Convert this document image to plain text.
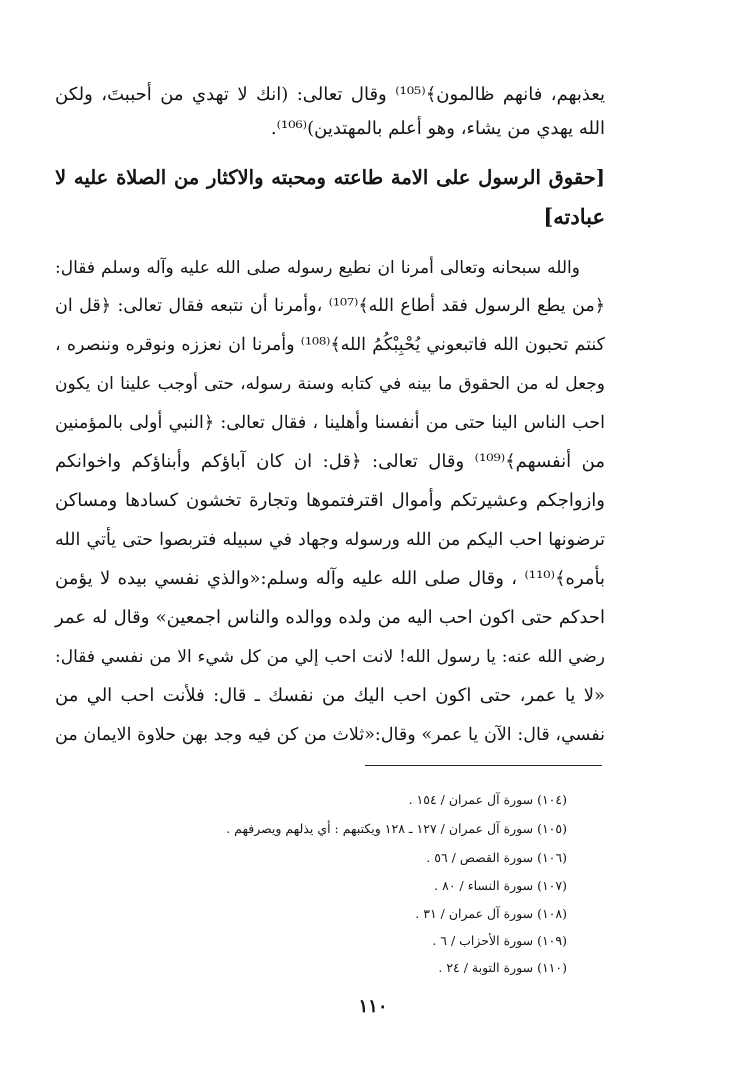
يعذبهم، فانهم ظالمون﴾⁽¹⁰⁵⁾ وقال تعالى: (انك لا تهدي من أحببتَ، ولكن

الله يهدي من يشاء، وهو أعلم بالمهتدين)⁽¹⁰⁶⁾.

[حقوق الرسول على الامة طاعته ومحبته والاكثار من الصلاة عليه لا
عبادته]

والله سبحانه وتعالى أمرنا ان نطيع رسوله صلى الله عليه وآله وسلم فقال:

﴿من يطع الرسول فقد أطاع الله﴾⁽¹⁰⁷⁾ ،وأمرنا أن نتبعه فقال تعالى: ﴿قل ان

كنتم تحبون الله فاتبعوني يُحْبِبْكُمُ الله﴾⁽¹⁰⁸⁾ وأمرنا ان نعززه ونوقره وننصره ،

وجعل له من الحقوق ما بينه في كتابه وسنة رسوله، حتى أوجب علينا ان يكون

احب الناس الينا حتى من أنفسنا وأهلينا ، فقال تعالى: ﴿النبي أولى بالمؤمنين

من أنفسهم﴾⁽¹⁰⁹⁾ وقال تعالى: ﴿قل: ان كان آباؤكم وأبناؤكم واخوانكم

وازواجكم وعشيرتكم وأموال اقترفتموها وتجارة تخشون كسادها ومساكن

ترضونها احب اليكم من الله ورسوله وجهاد في سبيله فتربصوا حتى يأتي الله

بأمره﴾⁽¹¹⁰⁾ ، وقال صلى الله عليه وآله وسلم:«والذي نفسي بيده لا يؤمن

احدكم حتى اكون احب اليه من ولده ووالده والناس اجمعين» وقال له عمر

رضي الله عنه: يا رسول الله! لانت احب إلي من كل شيء الا من نفسي فقال:

«لا يا عمر، حتى اكون احب اليك من نفسك ـ قال: فلأنت احب الي من

نفسي، قال: الآن يا عمر» وقال:«ثلاث من كن فيه وجد بهن حلاوة الايمان من

(١٠٤) سورة آل عمران / ١٥٤ .

(١٠٥) سورة آل عمران / ١٢٧ ـ ١٢٨ ويكتبهم : أي يذلهم ويصرفهم .

(١٠٦) سورة القصص / ٥٦ .

(١٠٧) سورة النساء / ٨٠ .

(١٠٨) سورة آل عمران / ٣١ .

(١٠٩) سورة الأحزاب / ٦ .

(١١٠) سورة التوبة / ٢٤ .

١١٠
